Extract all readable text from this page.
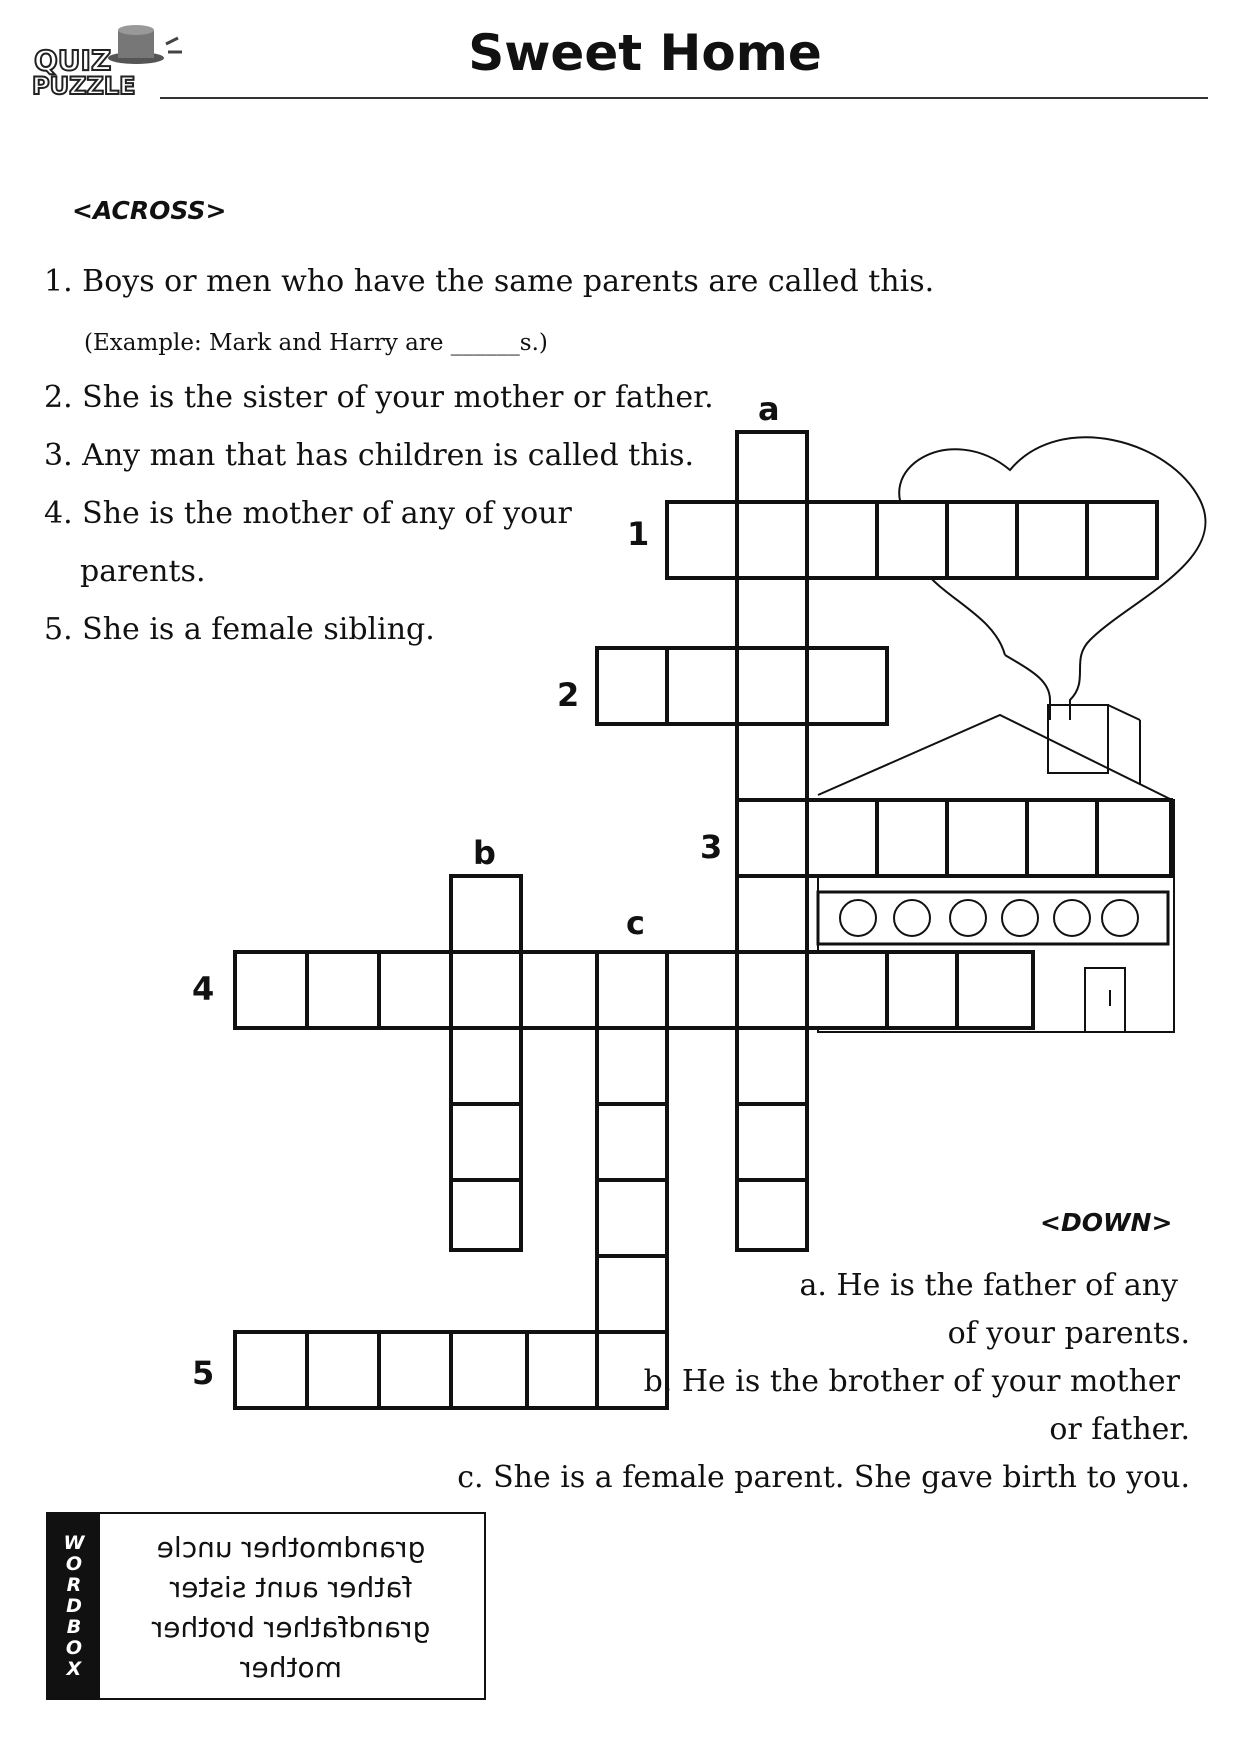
QUIZ
PUZZLE
Sweet Home
<ACROSS>
1. Boys or men who have the same parents are called this.
(Example: Mark and Harry are ______s.)
2. She is the sister of your mother or father.
3. Any man that has children is called this.
4. She is the mother of any of your
parents.
5. She is a female sibling.
a
1
2
3
b
c
4
5
<DOWN>
a. He is the father of any
of your parents.
b. He is the brother of your mother
or father.
c. She is a female parent. She gave birth to you.
W
O
R
D
B
O
X
grandmother uncle
father aunt sister
grandfather brother
mother
